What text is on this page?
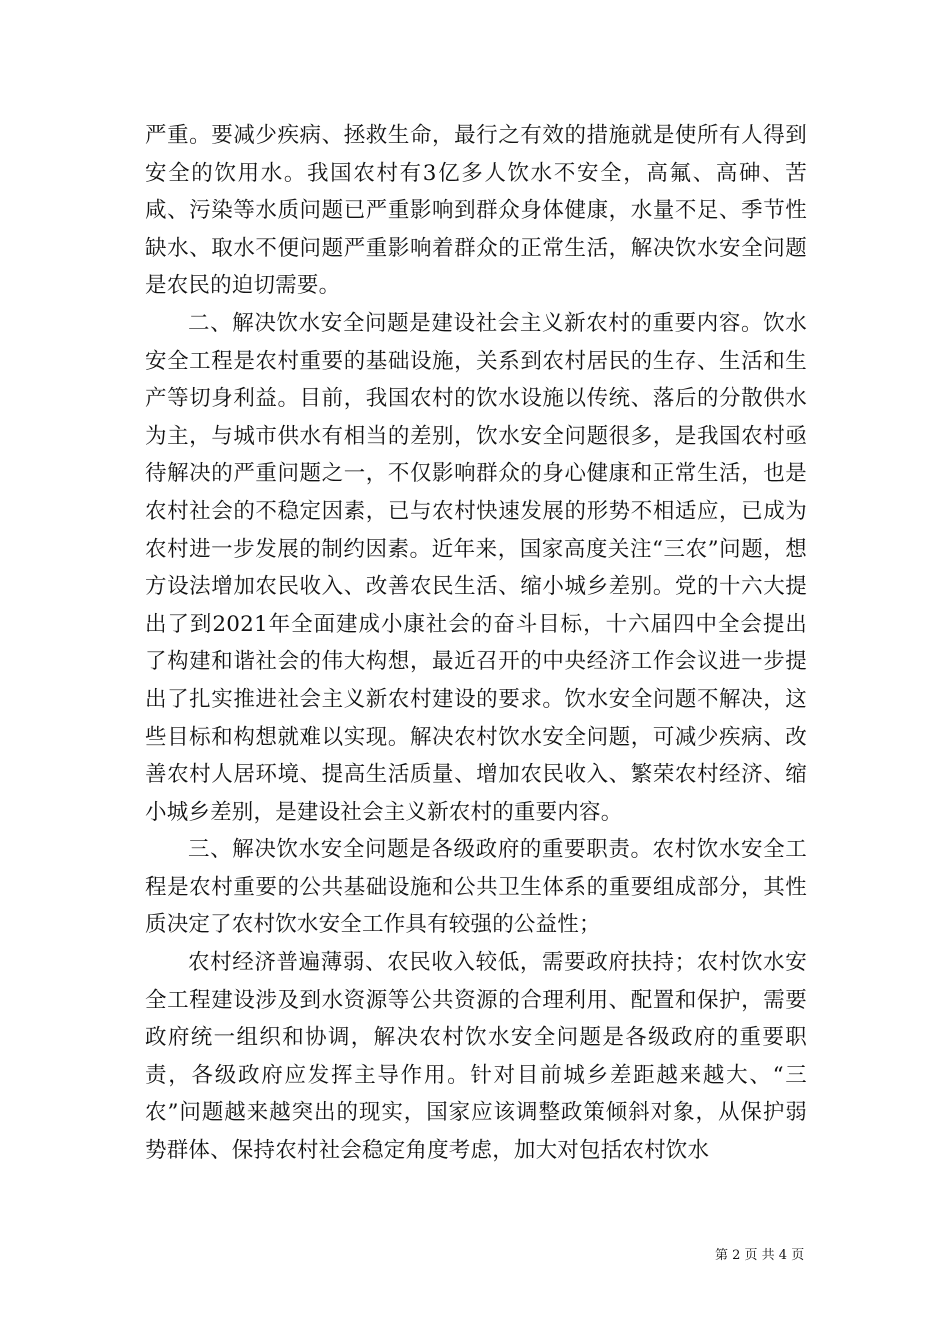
严重。要减少疾病、拯救生命，最行之有效的措施就是使所有人得到安全的饮用水。我国农村有3亿多人饮水不安全，高氟、高砷、苦咸、污染等水质问题已严重影响到群众身体健康，水量不足、季节性缺水、取水不便问题严重影响着群众的正常生活，解决饮水安全问题是农民的迫切需要。

二、解决饮水安全问题是建设社会主义新农村的重要内容。饮水安全工程是农村重要的基础设施，关系到农村居民的生存、生活和生产等切身利益。目前，我国农村的饮水设施以传统、落后的分散供水为主，与城市供水有相当的差别，饮水安全问题很多，是我国农村亟待解决的严重问题之一，不仅影响群众的身心健康和正常生活，也是农村社会的不稳定因素，已与农村快速发展的形势不相适应，已成为农村进一步发展的制约因素。近年来，国家高度关注“三农”问题，想方设法增加农民收入、改善农民生活、缩小城乡差别。党的十六大提出了到2021年全面建成小康社会的奋斗目标，十六届四中全会提出了构建和谐社会的伟大构想，最近召开的中央经济工作会议进一步提出了扎实推进社会主义新农村建设的要求。饮水安全问题不解决，这些目标和构想就难以实现。解决农村饮水安全问题，可减少疾病、改善农村人居环境、提高生活质量、增加农民收入、繁荣农村经济、缩小城乡差别，是建设社会主义新农村的重要内容。

三、解决饮水安全问题是各级政府的重要职责。农村饮水安全工程是农村重要的公共基础设施和公共卫生体系的重要组成部分，其性质决定了农村饮水安全工作具有较强的公益性；

农村经济普遍薄弱、农民收入较低，需要政府扶持；农村饮水安全工程建设涉及到水资源等公共资源的合理利用、配置和保护，需要政府统一组织和协调，解决农村饮水安全问题是各级政府的重要职责，各级政府应发挥主导作用。针对目前城乡差距越来越大、“三农”问题越来越突出的现实，国家应该调整政策倾斜对象，从保护弱势群体、保持农村社会稳定角度考虑，加大对包括农村饮水

第 2 页 共 4 页
